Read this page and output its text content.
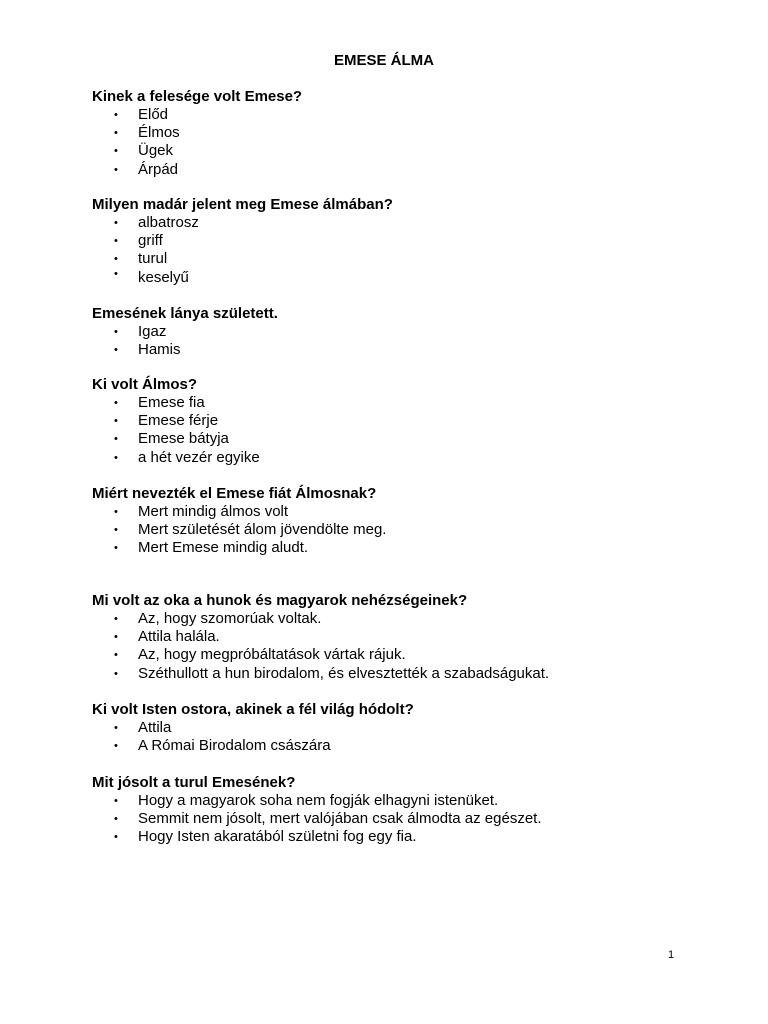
EMESE ÁLMA

Kinek a felesége volt Emese?

• Előd
• Élmos
• Ügek
• Árpád

Milyen madár jelent meg Emese álmában?

• albatrosz
• griff
• turul
• keselyű

Emesének lánya született.

• Igaz
• Hamis

Ki volt Álmos?

• Emese fia
• Emese férje
• Emese bátyja
• a hét vezér egyike

Miért nevezték el Emese fiát Álmosnak?

• Mert mindig álmos volt
• Mert születését álom jövendölte meg.
• Mert Emese mindig aludt.

Mi volt az oka a hunok és magyarok nehézségeinek?

• Az, hogy szomorúak voltak.
• Attila halála.
• Az, hogy megpróbáltatások vártak rájuk.
• Széthullott a hun birodalom, és elvesztették a szabadságukat.

Ki volt Isten ostora, akinek a fél világ hódolt?

• Attila
• A Római Birodalom császára

Mit jósolt a turul Emesének?

• Hogy a magyarok soha nem fogják elhagyni istenüket.
• Semmit nem jósolt, mert valójában csak álmodta az egészet.
• Hogy Isten akaratából születni fog egy fia.
1
